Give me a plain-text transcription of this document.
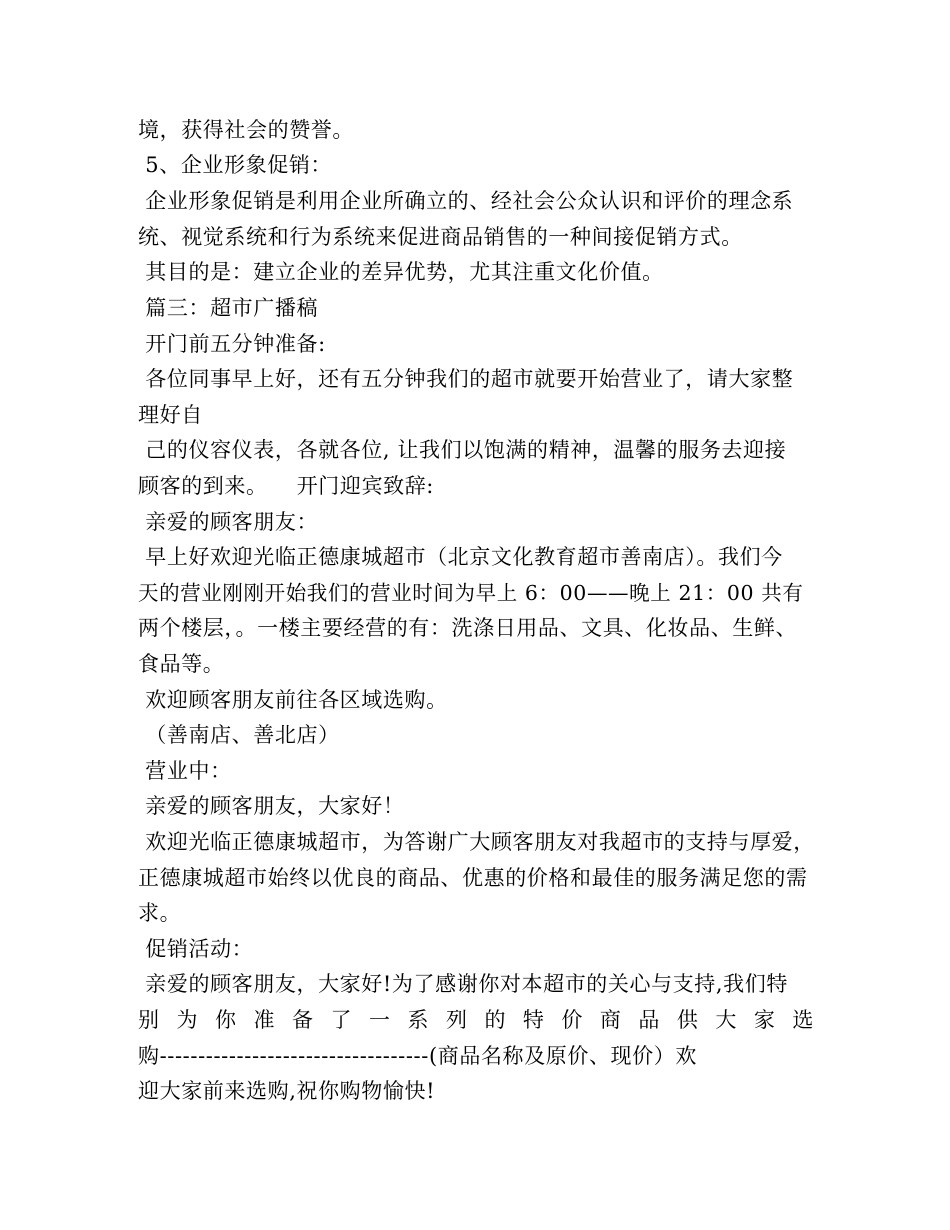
境，获得社会的赞誉。
5、企业形象促销：
企业形象促销是利用企业所确立的、经社会公众认识和评价的理念系
统、视觉系统和行为系统来促进商品销售的一种间接促销方式。
其目的是：建立企业的差异优势，尤其注重文化价值。
篇三：超市广播稿
开门前五分钟准备:
各位同事早上好，还有五分钟我们的超市就要开始营业了，请大家整
理好自
己的仪容仪表，各就各位, 让我们以饱满的精神，温馨的服务去迎接
顾客的到来。    开门迎宾致辞:
亲爱的顾客朋友：
早上好欢迎光临正德康城超市（北京文化教育超市善南店）。我们今
天的营业刚刚开始我们的营业时间为早上 6：00——晚上 21：00 共有
两个楼层，。一楼主要经营的有：洗涤日用品、文具、化妆品、生鲜、
食品等。
欢迎顾客朋友前往各区域选购。
（善南店、善北店）
营业中：
亲爱的顾客朋友，大家好！
欢迎光临正德康城超市，为答谢广大顾客朋友对我超市的支持与厚爱，
正德康城超市始终以优良的商品、优惠的价格和最佳的服务满足您的需
求。
促销活动：
亲爱的顾客朋友，大家好!为了感谢你对本超市的关心与支持,我们特
别 为 你 准 备 了 一 系 列 的 特 价 商 品 供 大 家 选
购-----------------------------------(商品名称及原价、现价）欢
迎大家前来选购,祝你购物愉快!
